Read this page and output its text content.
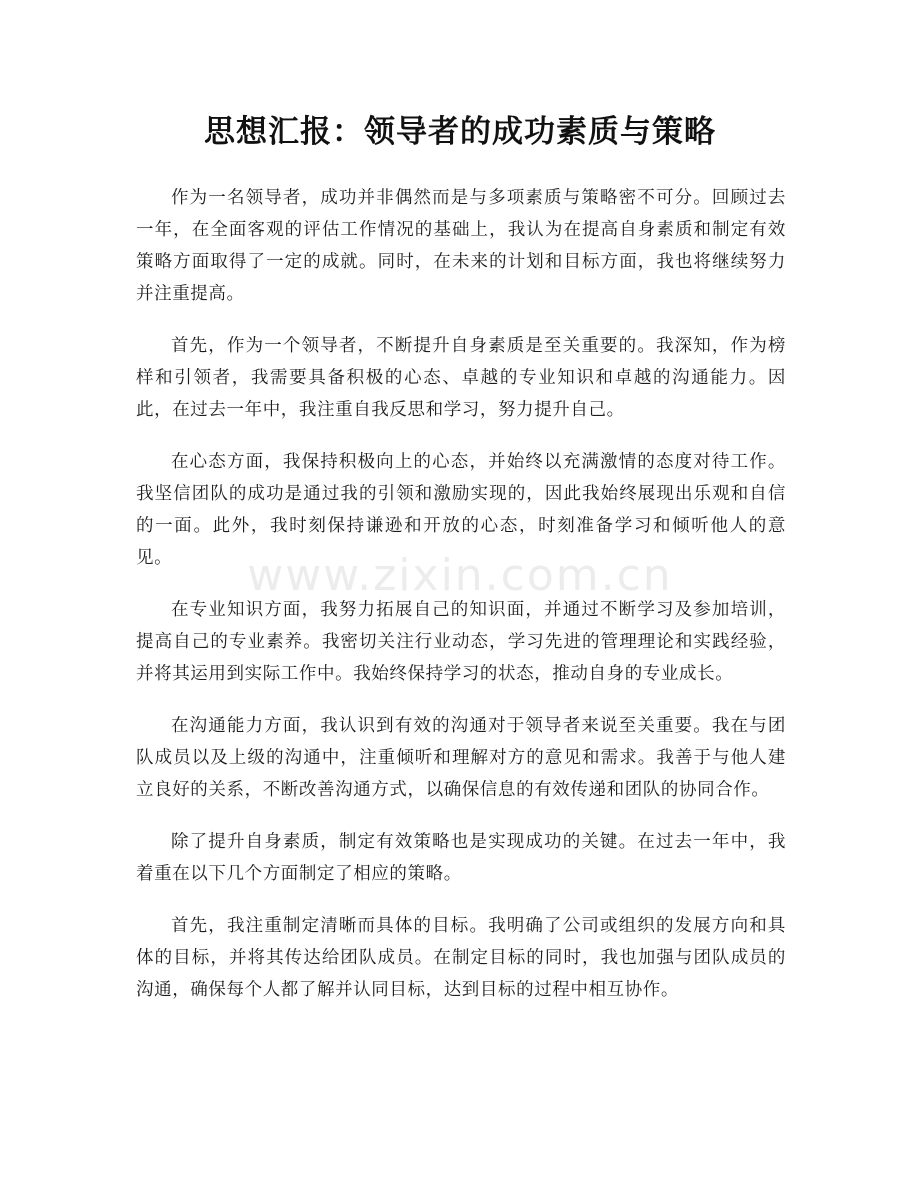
思想汇报：领导者的成功素质与策略

作为一名领导者，成功并非偶然而是与多项素质与策略密不可分。回顾过去一年，在全面客观的评估工作情况的基础上，我认为在提高自身素质和制定有效策略方面取得了一定的成就。同时，在未来的计划和目标方面，我也将继续努力并注重提高。

首先，作为一个领导者，不断提升自身素质是至关重要的。我深知，作为榜样和引领者，我需要具备积极的心态、卓越的专业知识和卓越的沟通能力。因此，在过去一年中，我注重自我反思和学习，努力提升自己。

在心态方面，我保持积极向上的心态，并始终以充满激情的态度对待工作。我坚信团队的成功是通过我的引领和激励实现的，因此我始终展现出乐观和自信的一面。此外，我时刻保持谦逊和开放的心态，时刻准备学习和倾听他人的意见。

在专业知识方面，我努力拓展自己的知识面，并通过不断学习及参加培训，提高自己的专业素养。我密切关注行业动态，学习先进的管理理论和实践经验，并将其运用到实际工作中。我始终保持学习的状态，推动自身的专业成长。

在沟通能力方面，我认识到有效的沟通对于领导者来说至关重要。我在与团队成员以及上级的沟通中，注重倾听和理解对方的意见和需求。我善于与他人建立良好的关系，不断改善沟通方式，以确保信息的有效传递和团队的协同合作。

除了提升自身素质，制定有效策略也是实现成功的关键。在过去一年中，我着重在以下几个方面制定了相应的策略。

首先，我注重制定清晰而具体的目标。我明确了公司或组织的发展方向和具体的目标，并将其传达给团队成员。在制定目标的同时，我也加强与团队成员的沟通，确保每个人都了解并认同目标，达到目标的过程中相互协作。

www.zixin.com.cn
